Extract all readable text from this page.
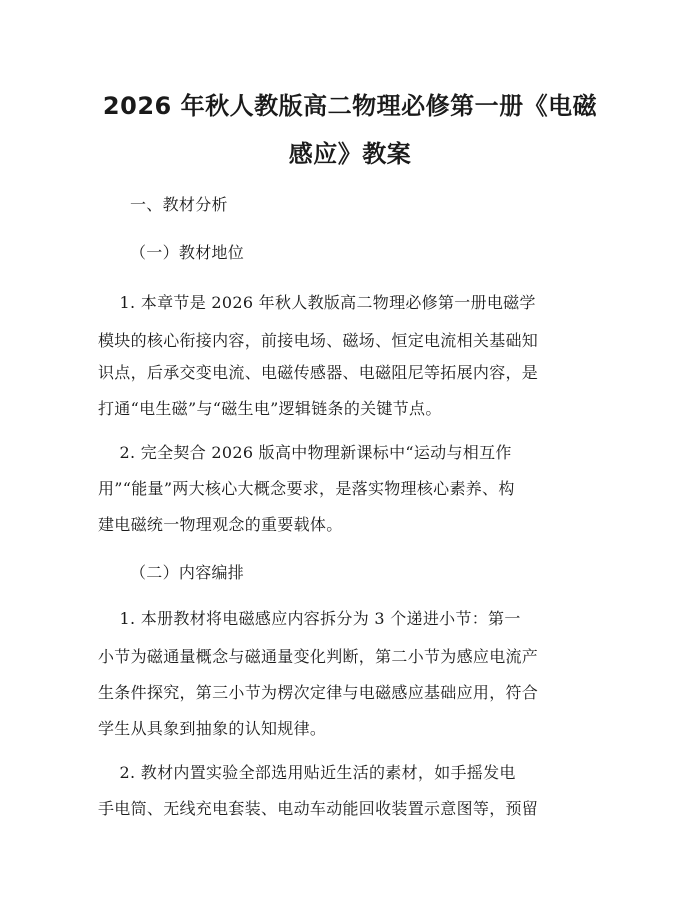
2026 年秋人教版高二物理必修第一册《电磁
感应》教案

一、教材分析

（一）教材地位

1. 本章节是 2026 年秋人教版高二物理必修第一册电磁学

模块的核心衔接内容，前接电场、磁场、恒定电流相关基础知

识点，后承交变电流、电磁传感器、电磁阻尼等拓展内容，是

打通“电生磁”与“磁生电”逻辑链条的关键节点。

2. 完全契合 2026 版高中物理新课标中“运动与相互作

用”“能量”两大核心大概念要求，是落实物理核心素养、构

建电磁统一物理观念的重要载体。

（二）内容编排

1. 本册教材将电磁感应内容拆分为 3 个递进小节：第一

小节为磁通量概念与磁通量变化判断，第二小节为感应电流产

生条件探究，第三小节为楞次定律与电磁感应基础应用，符合

学生从具象到抽象的认知规律。

2. 教材内置实验全部选用贴近生活的素材，如手摇发电

手电筒、无线充电套装、电动车动能回收装置示意图等，预留
